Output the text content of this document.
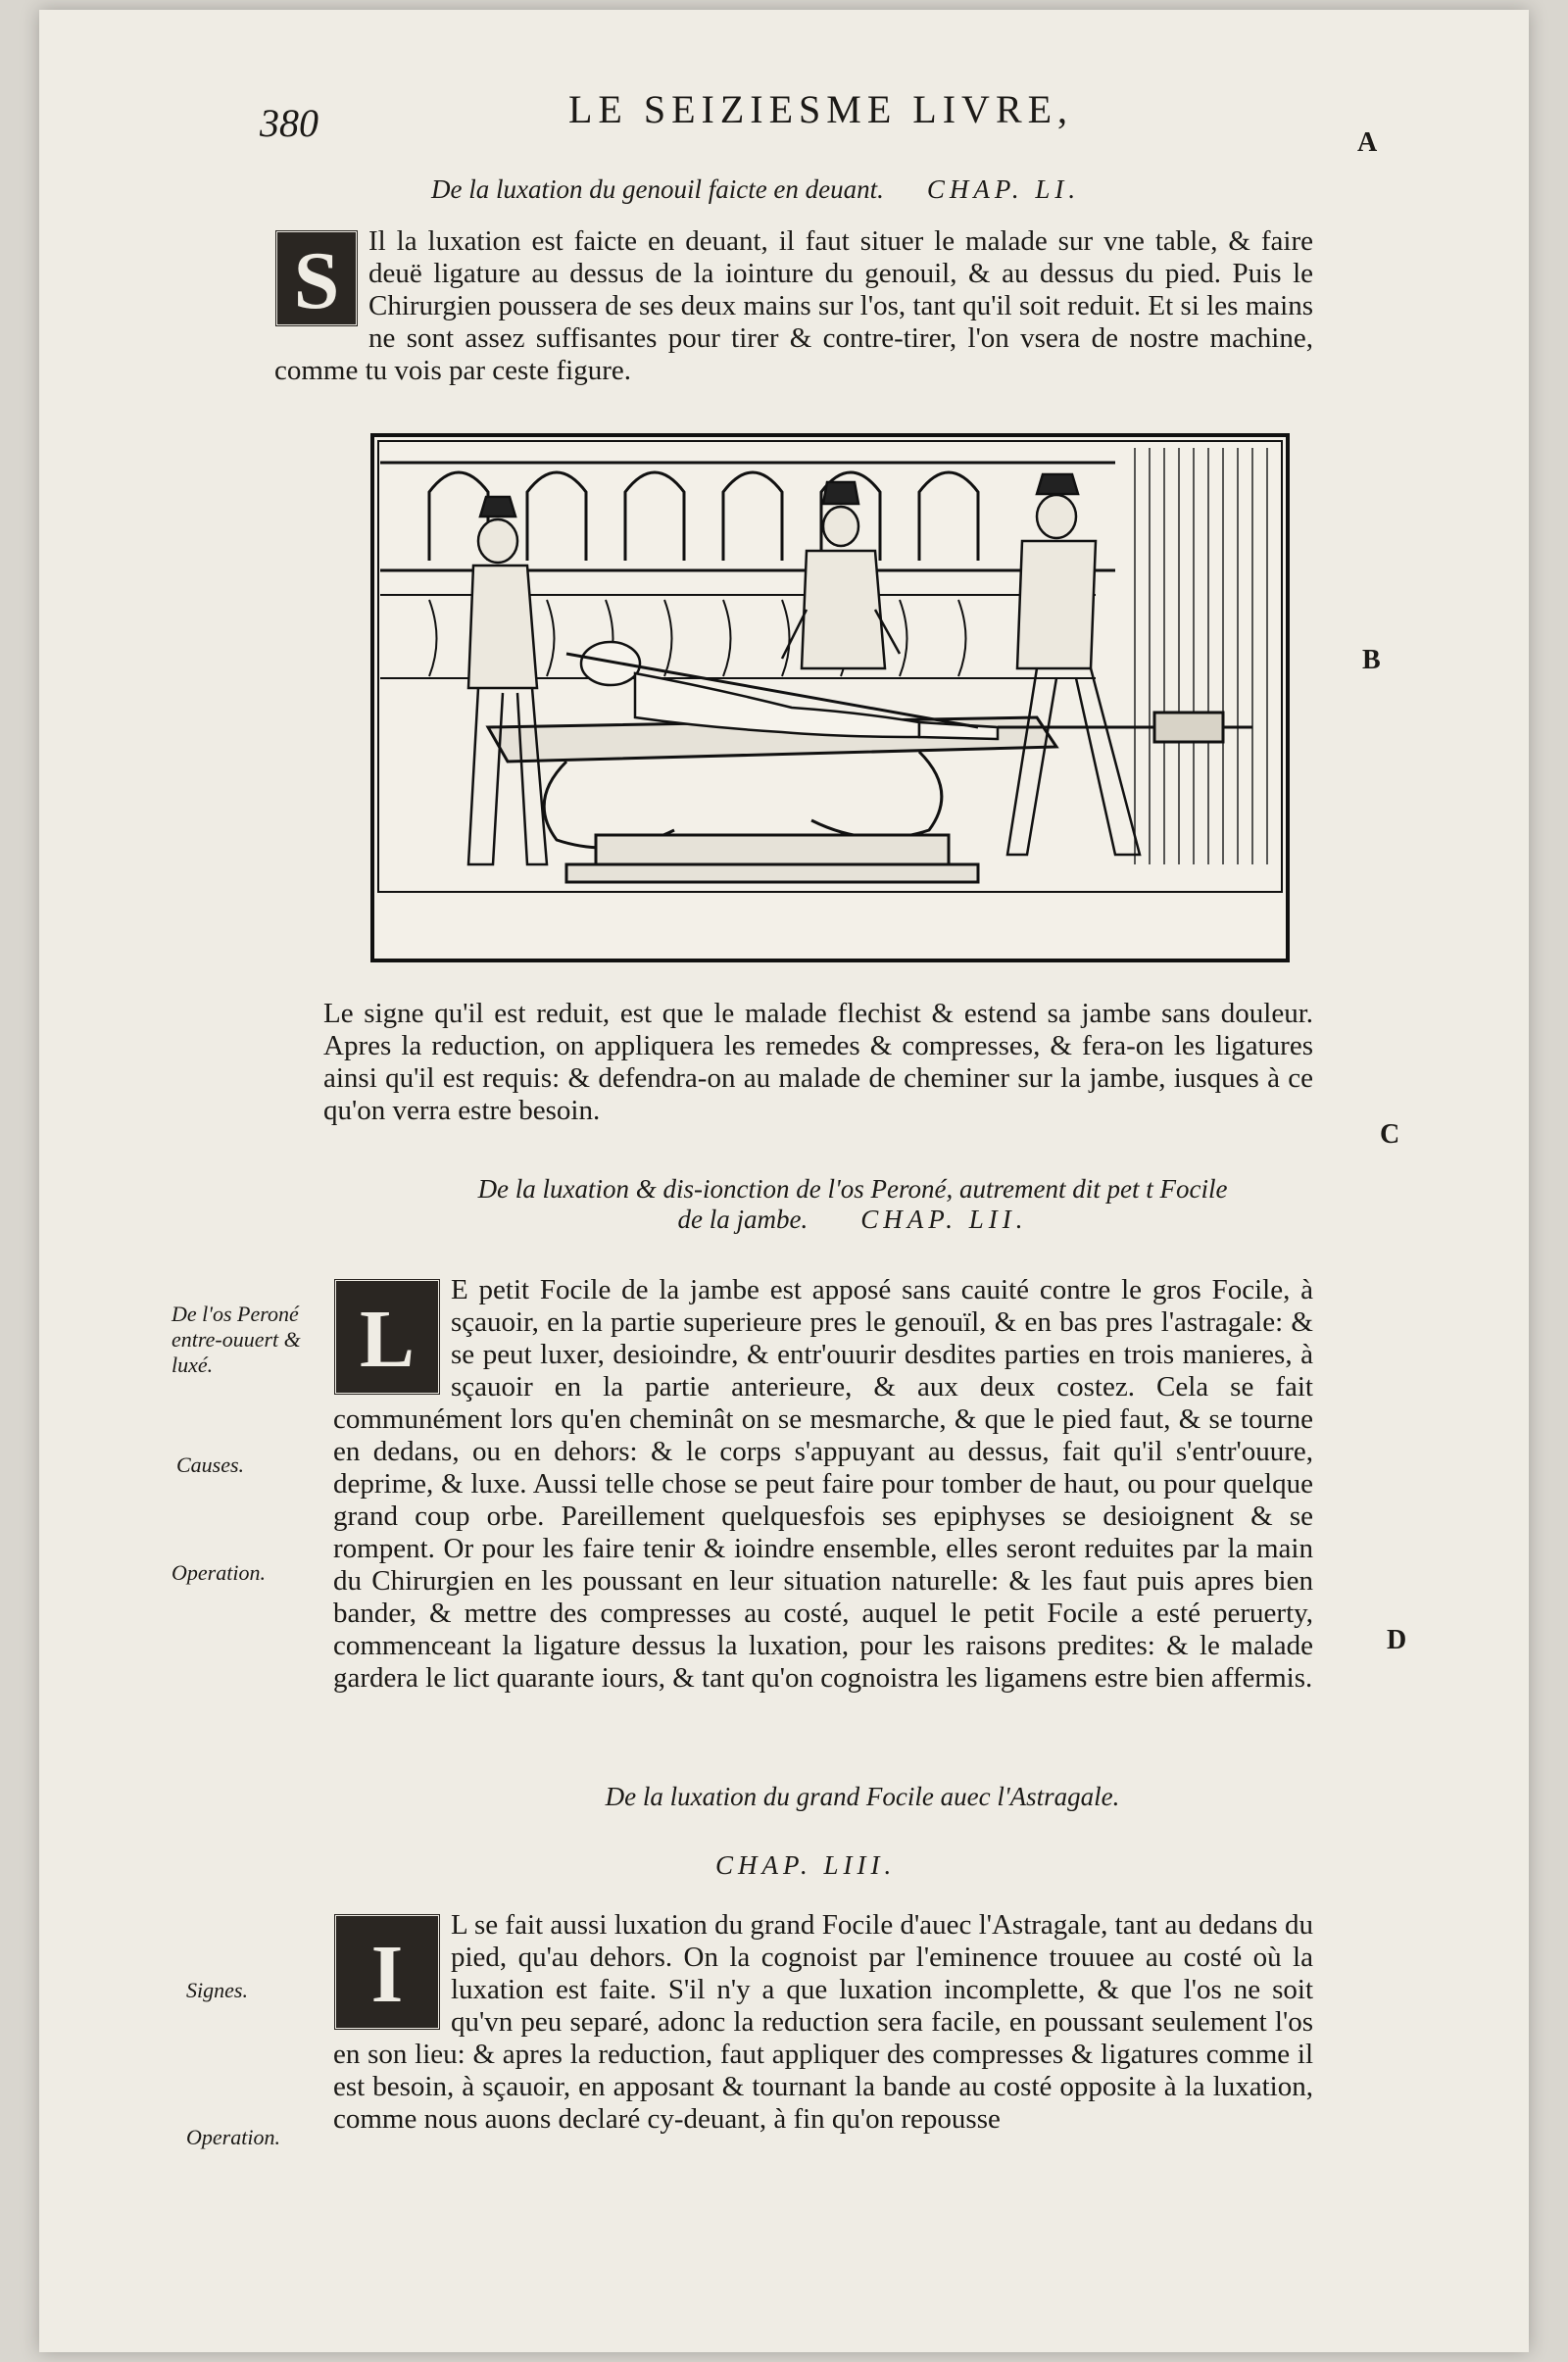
380	LE SEIZIESME LIVRE,
A
B
C
D
De la luxation du genouil faicte en deuant. CHAP. LI.
S	Il la luxation est faicte en deuant, il faut situer le malade sur vne table, & faire deuë ligature au dessus de la iointure du genouil, & au dessus du pied. Puis le Chirurgien poussera de ses deux mains sur l'os, tant qu'il soit reduit. Et si les mains ne sont assez suffisantes pour tirer & contre-tirer, l'on vsera de nostre machine, comme tu vois par ceste figure.

Le signe qu'il est reduit, est que le malade flechist & estend sa jambe sans douleur. Apres la reduction, on appliquera les remedes & compresses, & fera-on les ligatures ainsi qu'il est requis: & defendra-on au malade de cheminer sur la jambe, iusques à ce qu'on verra estre besoin.

De la luxation & dis-ionction de l'os Peroné, autrement dit pet t Focile
de la jambe. CHAP. LII.
De l'os Peroné entre-ouuert & luxé.
Causes.
Operation.
L

E petit Focile de la jambe est apposé sans cauité contre le gros Focile, à sçauoir, en la partie superieure pres le genouïl, & en bas pres l'astragale: & se peut luxer, desioindre, & entr'ouurir desdites parties en trois manieres, à sçauoir en la partie anterieure, & aux deux costez. Cela se fait communément lors qu'en cheminât on se mesmarche, & que le pied faut, & se tourne en dedans, ou en dehors: & le corps s'appuyant au dessus, fait qu'il s'entr'ouure, deprime, & luxe. Aussi telle chose se peut faire pour tomber de haut, ou pour quelque grand coup orbe. Pareillement quelquesfois ses epiphyses se desioignent & se rompent. Or pour les faire tenir & ioindre ensemble, elles seront reduites par la main du Chirurgien en les poussant en leur situation naturelle: & les faut puis apres bien bander, & mettre des compresses au costé, auquel le petit Focile a esté peruerty, commenceant la ligature dessus la luxation, pour les raisons predites: & le malade gardera le lict quarante iours, & tant qu'on cognoistra les ligamens estre bien affermis.

De la luxation du grand Focile auec l'Astragale.
CHAP. LIII.
Signes.
Operation.
I

L se fait aussi luxation du grand Focile d'auec l'Astragale, tant au dedans du pied, qu'au dehors. On la cognoist par l'eminence trouuee au costé où la luxation est faite. S'il n'y a que luxation incomplette, & que l'os ne soit qu'vn peu separé, adonc la reduction sera facile, en poussant seulement l'os en son lieu: & apres la reduction, faut appliquer des compresses & ligatures comme il est besoin, à sçauoir, en apposant & tournant la bande au costé opposite à la luxation, comme nous auons declaré cy-deuant, à fin qu'on repousse
